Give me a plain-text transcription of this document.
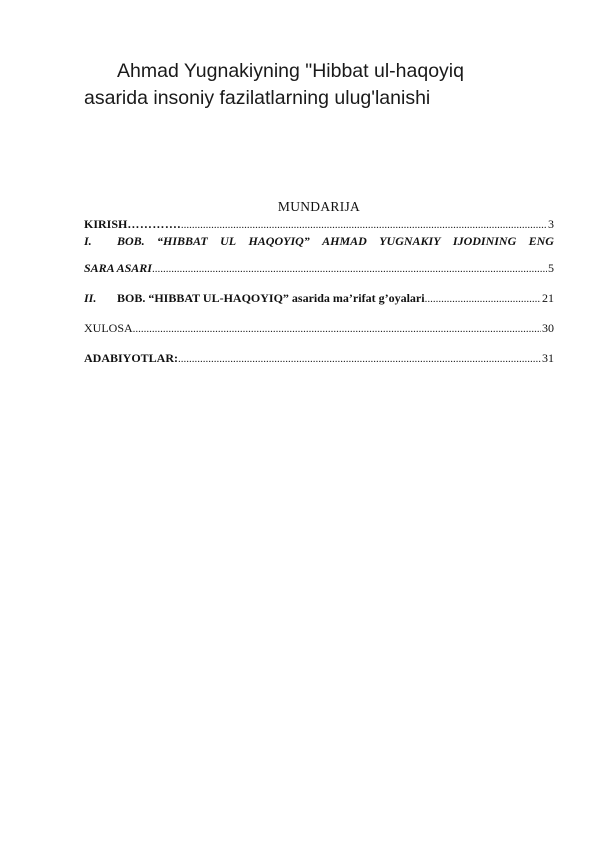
Ahmad Yugnakiyning "Hibbat ul-haqoyiq
asarida insoniy fazilatlarning ulug'lanishi
MUNDARIJA
KIRISH …………. .....	3
I. BOB. “HIBBAT UL HAQOYIQ” AHMAD YUGNAKIY IJODINING ENG
SARA ASARI .....	5
II. BOB. “HIBBAT UL-HAQOYIQ” asarida ma’rifat g’oyalari .....	21
XULOSA .....	30
ADABIYOTLAR: .....	31
